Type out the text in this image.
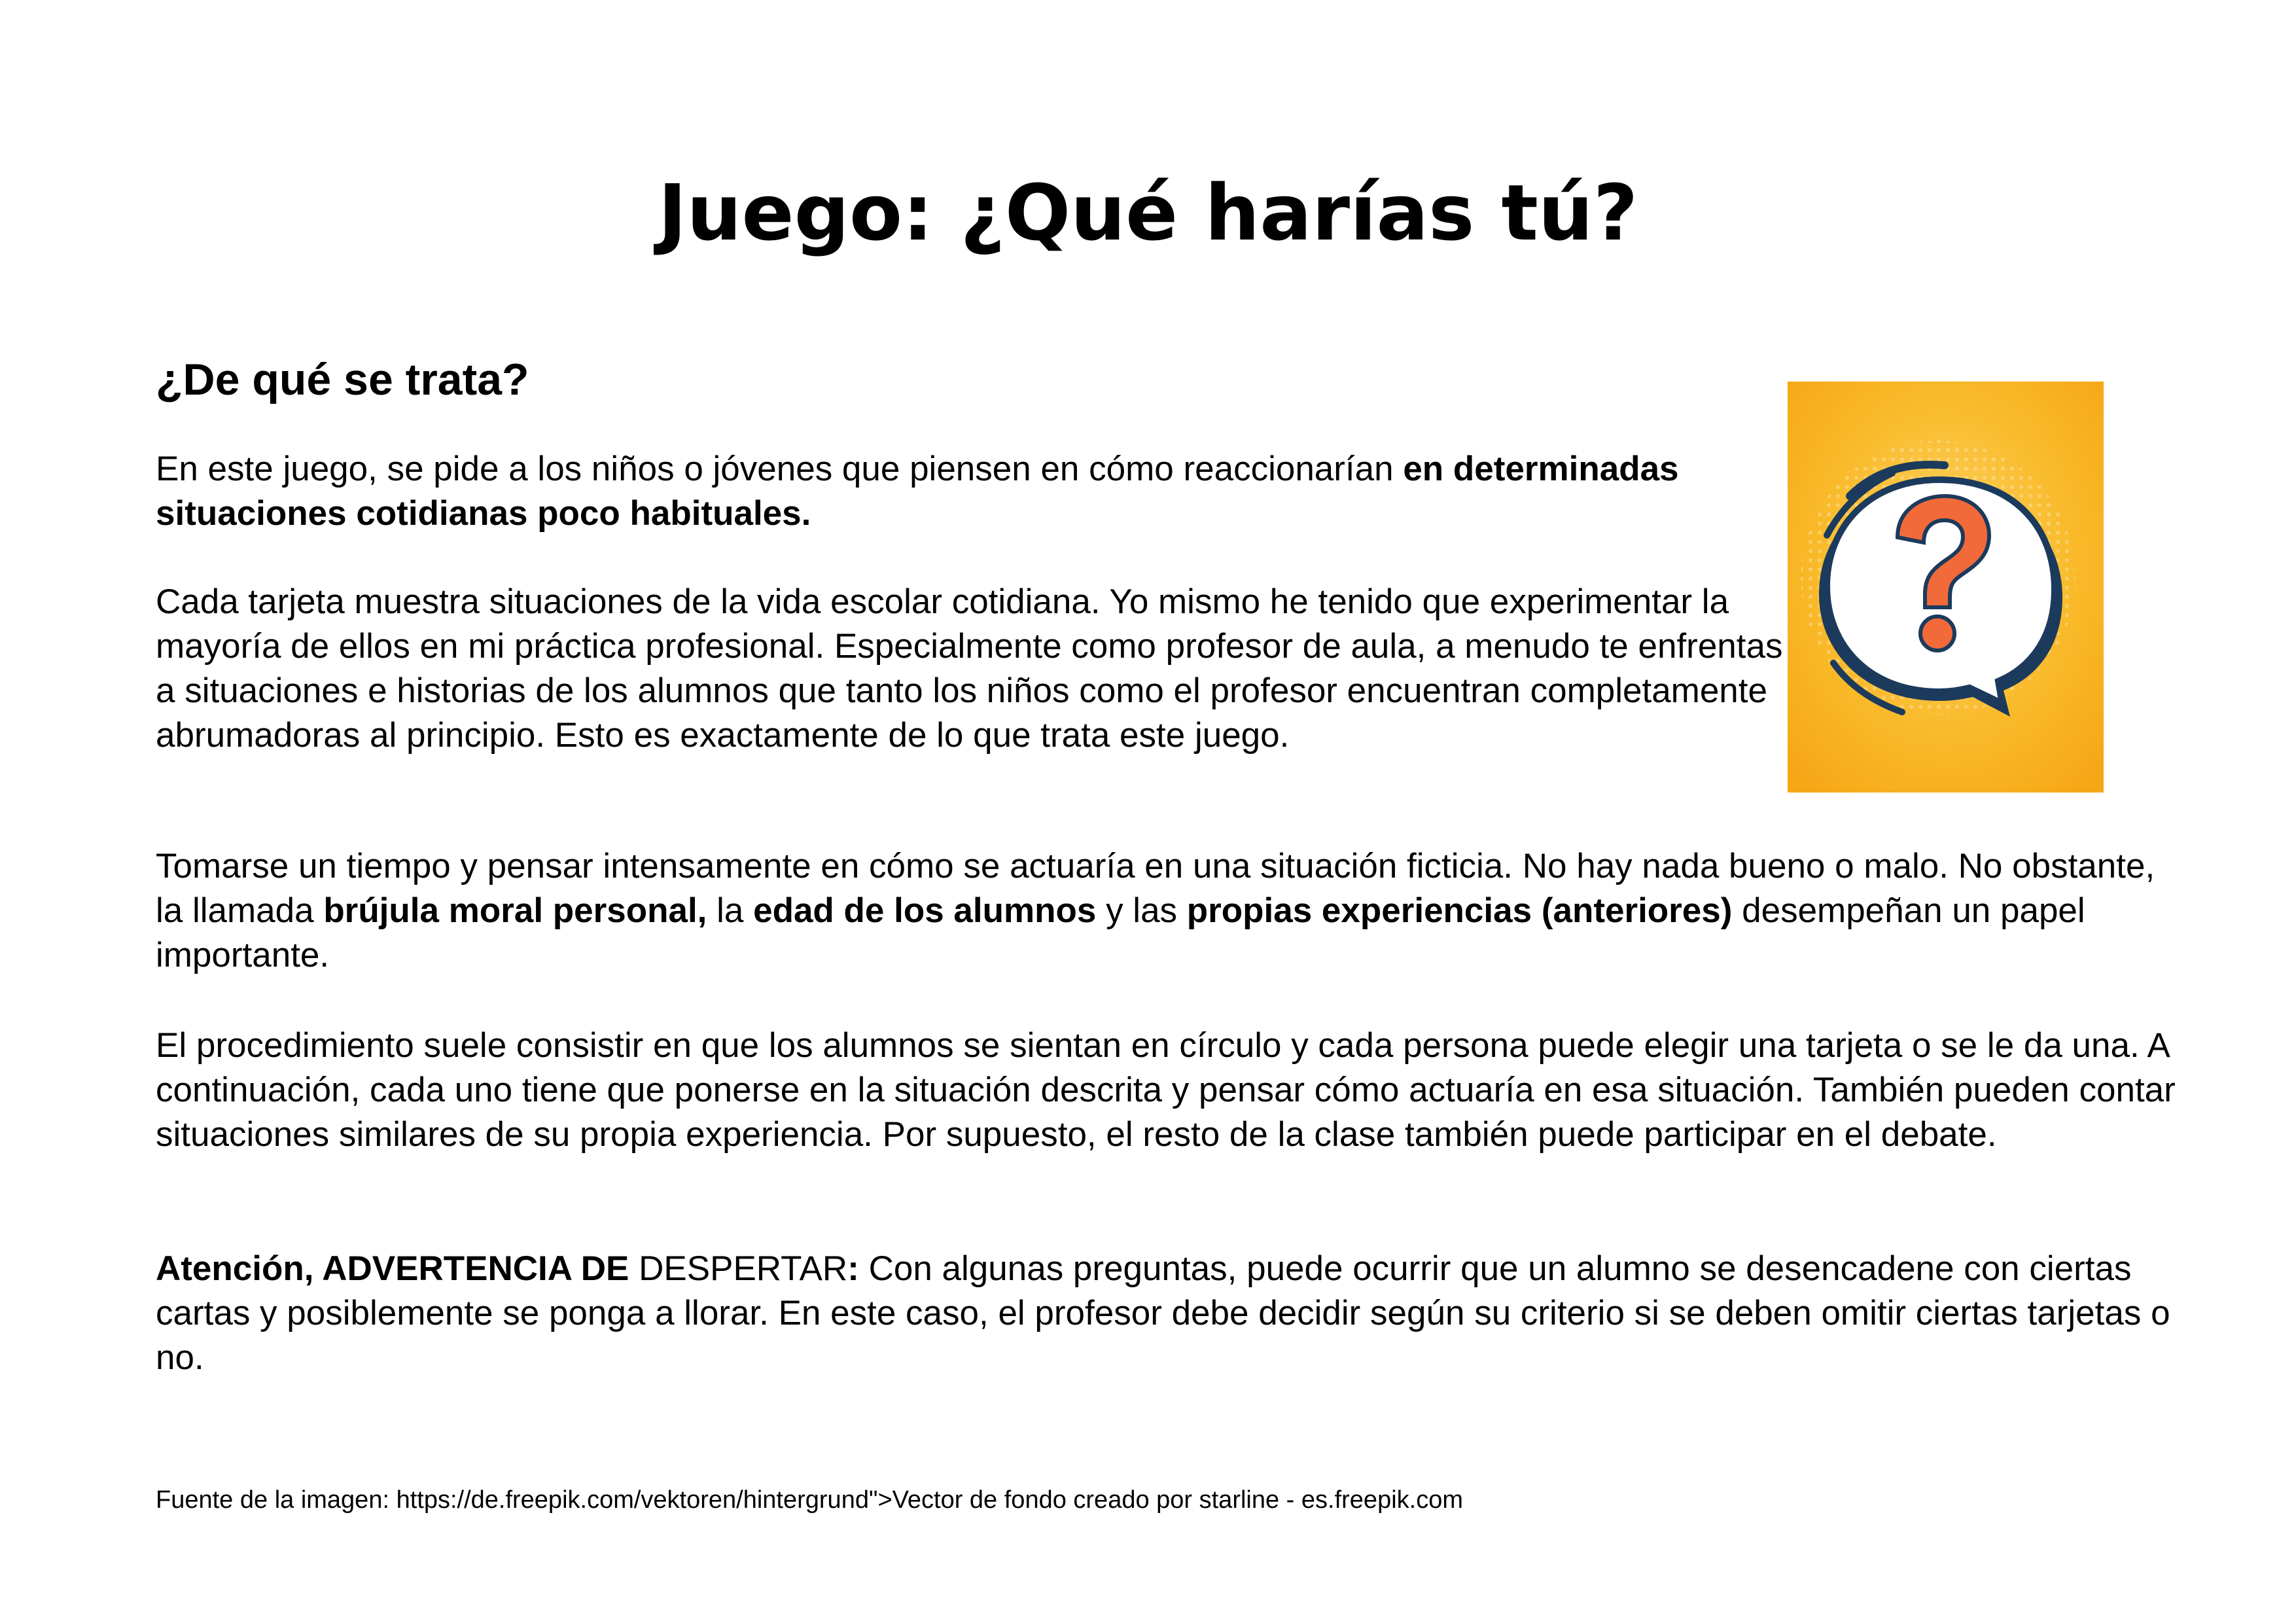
Juego: ¿Qué harías tú?
¿De qué se trata?

En este juego, se pide a los niños o jóvenes que piensen en cómo reaccionarían en determinadas situaciones cotidianas poco habituales.

Cada tarjeta muestra situaciones de la vida escolar cotidiana. Yo mismo he tenido que experimentar la mayoría de ellos en mi práctica profesional. Especialmente como profesor de aula, a menudo te enfrentas a situaciones e historias de los alumnos que tanto los niños como el profesor encuentran completamente abrumadoras al principio. Esto es exactamente de lo que trata este juego.

Tomarse un tiempo y pensar intensamente en cómo se actuaría en una situación ficticia. No hay nada bueno o malo. No obstante, la llamada brújula moral personal, la edad de los alumnos y las propias experiencias (anteriores) desempeñan un papel importante.

El procedimiento suele consistir en que los alumnos se sientan en círculo y cada persona puede elegir una tarjeta o se le da una. A continuación, cada uno tiene que ponerse en la situación descrita y pensar cómo actuaría en esa situación. También pueden contar situaciones similares de su propia experiencia. Por supuesto, el resto de la clase también puede participar en el debate.

Atención, ADVERTENCIA DE DESPERTAR: Con algunas preguntas, puede ocurrir que un alumno se desencadene con ciertas cartas y posiblemente se ponga a llorar. En este caso, el profesor debe decidir según su criterio si se deben omitir ciertas tarjetas o no.

Fuente de la imagen: https://de.freepik.com/vektoren/hintergrund">Vector de fondo creado por starline - es.freepik.com
